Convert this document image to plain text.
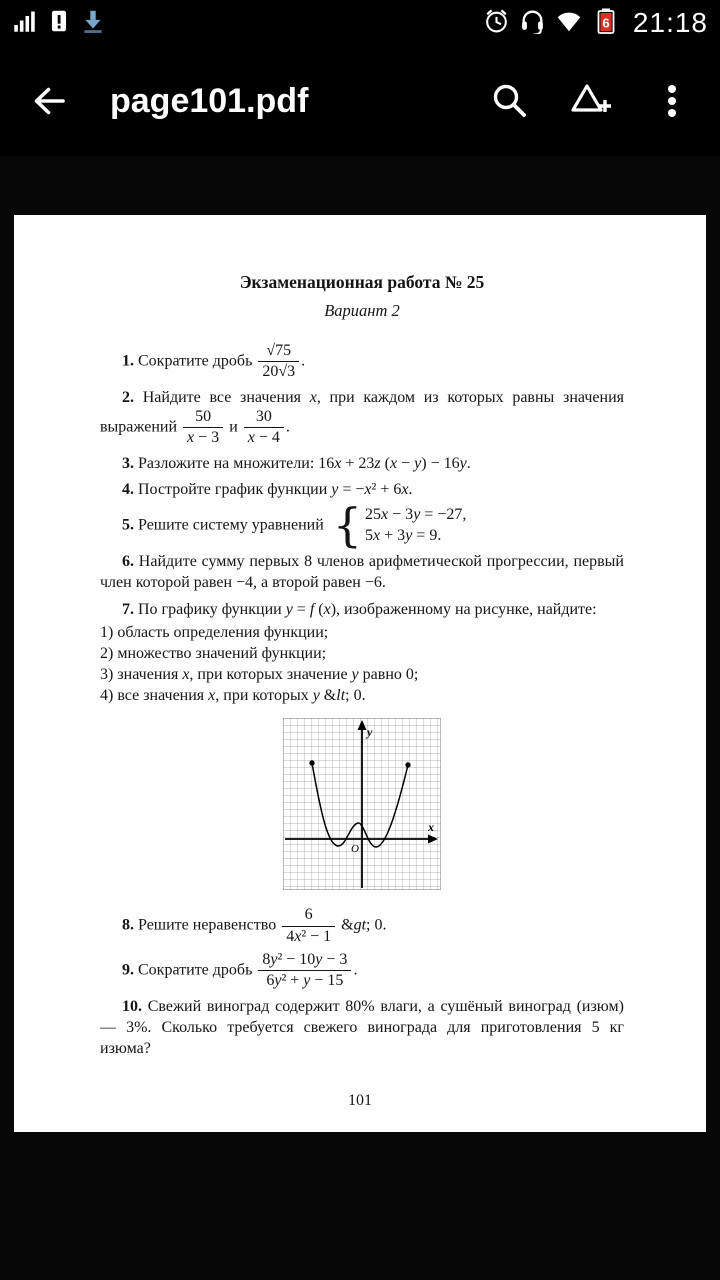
6 21:18
page101.pdf
Экзаменационная работа № 25
Вариант 2

1. Сократите дробь $\frac{√75}{20√3}$ .

2. Найдите все значения x, при каждом из которых равны значения выражений $\frac{50}{x - 3}$ и $\frac{30}{x - 4}$ .

3. Разложите на множители: 16x + 23z (x − y) − 16y.

4. Постройте график функции y = −x² + 6x.

5. Решите систему уравнений { 25x − 3y = −27,
5x + 3y = 9.

6. Найдите сумму первых 8 членов арифметической прогрессии, первый член которой равен −4, а второй равен −6.

7. По графику функции y = f (x), изображенному на рисунке, найдите:

1) область определения функции;
2) множество значений функции;
3) значения x, при которых значение y равно 0;
4) все значения x, при которых y &lt; 0.
y
x
O

8. Решите неравенство $\frac{6}{\text{4x² − 1}}$ &gt; 0.

9. Сократите дробь $\frac{\text{8y² − 10y − 3}}{\text{6y² + y − 15}}$ .

10. Свежий виноград содержит 80% влаги, а сушёный виноград (изюм) — 3%. Сколько требуется свежего винограда для приготовления 5 кг изюма?

101
